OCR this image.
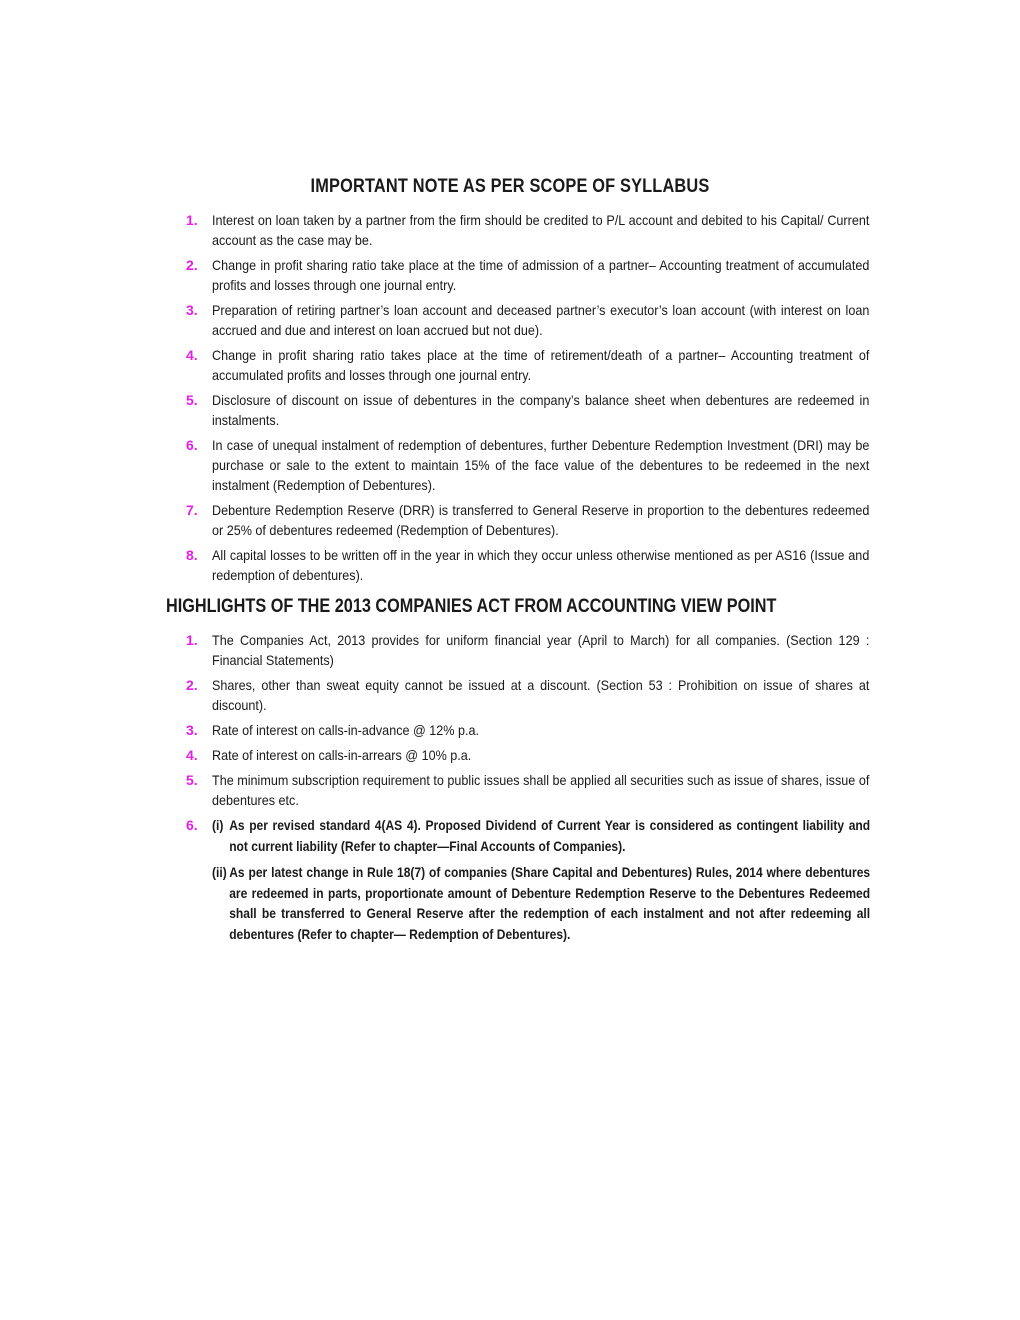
IMPORTANT NOTE AS PER SCOPE OF SYLLABUS
1. Interest on loan taken by a partner from the firm should be credited to P/L account and debited to his Capital/ Current account as the case may be.
2. Change in profit sharing ratio take place at the time of admission of a partner– Accounting treatment of accumulated profits and losses through one journal entry.
3. Preparation of retiring partner’s loan account and deceased partner’s executor’s loan account (with interest on loan accrued and due and interest on loan accrued but not due).
4. Change in profit sharing ratio takes place at the time of retirement/death of a partner– Accounting treatment of accumulated profits and losses through one journal entry.
5. Disclosure of discount on issue of debentures in the company’s balance sheet when debentures are redeemed in instalments.
6. In case of unequal instalment of redemption of debentures, further Debenture Redemption Investment (DRI) may be purchase or sale to the extent to maintain 15% of the face value of the debentures to be redeemed in the next instalment (Redemption of Debentures).
7. Debenture Redemption Reserve (DRR) is transferred to General Reserve in proportion to the debentures redeemed or 25% of debentures redeemed (Redemption of Debentures).
8. All capital losses to be written off in the year in which they occur unless otherwise mentioned as per AS16 (Issue and redemption of debentures).
HIGHLIGHTS OF THE 2013 COMPANIES ACT FROM ACCOUNTING VIEW POINT
1. The Companies Act, 2013 provides for uniform financial year (April to March) for all companies. (Section 129 : Financial Statements)
2. Shares, other than sweat equity cannot be issued at a discount. (Section 53 : Prohibition on issue of shares at discount).
3. Rate of interest on calls-in-advance @ 12% p.a.
4. Rate of interest on calls-in-arrears @ 10% p.a.
5. The minimum subscription requirement to public issues shall be applied all securities such as issue of shares, issue of debentures etc.
6. (i) As per revised standard 4(AS 4). Proposed Dividend of Current Year is considered as contingent liability and not current liability (Refer to chapter—Final Accounts of Companies).
(ii) As per latest change in Rule 18(7) of companies (Share Capital and Debentures) Rules, 2014 where debentures are redeemed in parts, proportionate amount of Debenture Redemption Reserve to the Debentures Redeemed shall be transferred to General Reserve after the redemption of each instalment and not after redeeming all debentures (Refer to chapter— Redemption of Debentures).
